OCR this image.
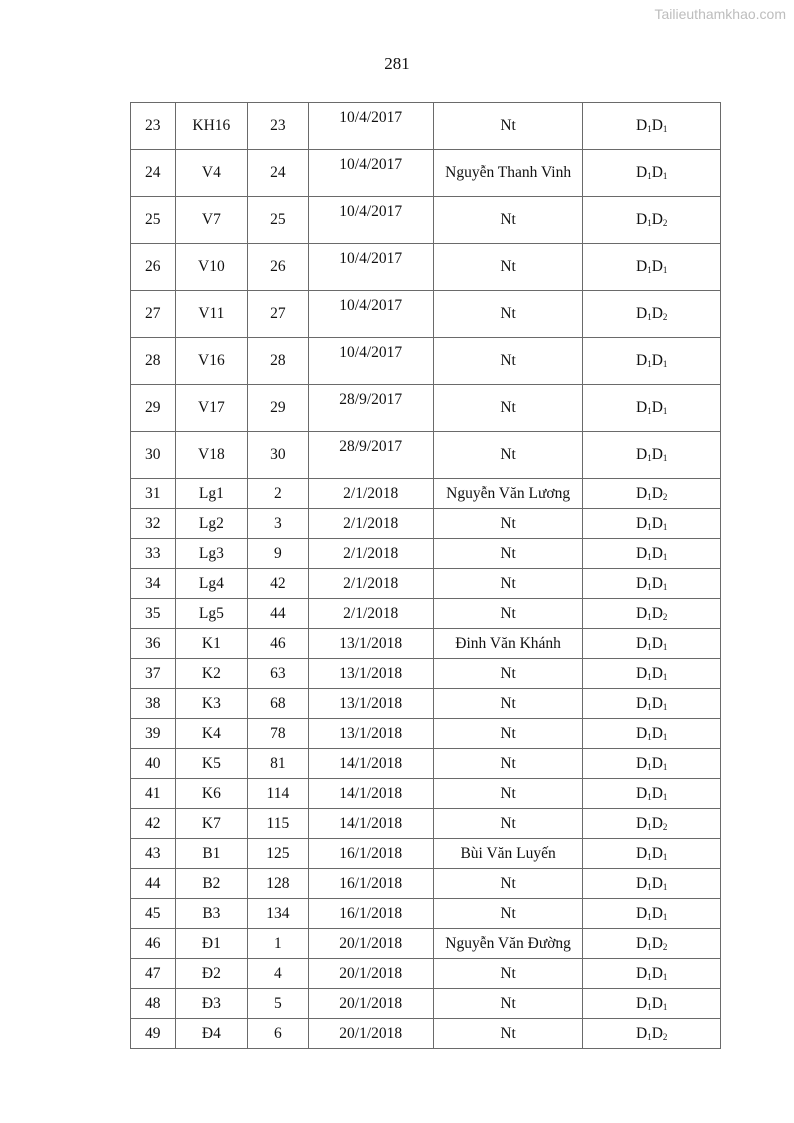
Tailieuthamkhao.com
281
23	KH16	23	10/4/2017	Nt	$D_1D_1$
24	V4	24	10/4/2017	Nguyễn Thanh Vinh	$D_1D_1$
25	V7	25	10/4/2017	Nt	$D_1D_2$
26	V10	26	10/4/2017	Nt	$D_1D_1$
27	V11	27	10/4/2017	Nt	$D_1D_2$
28	V16	28	10/4/2017	Nt	$D_1D_1$
29	V17	29	28/9/2017	Nt	$D_1D_1$
30	V18	30	28/9/2017	Nt	$D_1D_1$
31	Lg1	2	2/1/2018	Nguyễn Văn Lương	$D_1D_2$
32	Lg2	3	2/1/2018	Nt	$D_1D_1$
33	Lg3	9	2/1/2018	Nt	$D_1D_1$
34	Lg4	42	2/1/2018	Nt	$D_1D_1$
35	Lg5	44	2/1/2018	Nt	$D_1D_2$
36	K1	46	13/1/2018	Đinh Văn Khánh	$D_1D_1$
37	K2	63	13/1/2018	Nt	$D_1D_1$
38	K3	68	13/1/2018	Nt	$D_1D_1$
39	K4	78	13/1/2018	Nt	$D_1D_1$
40	K5	81	14/1/2018	Nt	$D_1D_1$
41	K6	114	14/1/2018	Nt	$D_1D_1$
42	K7	115	14/1/2018	Nt	$D_1D_2$
43	B1	125	16/1/2018	Bùi Văn Luyến	$D_1D_1$
44	B2	128	16/1/2018	Nt	$D_1D_1$
45	B3	134	16/1/2018	Nt	$D_1D_1$
46	Đ1	1	20/1/2018	Nguyễn Văn Đường	$D_1D_2$
47	Đ2	4	20/1/2018	Nt	$D_1D_1$
48	Đ3	5	20/1/2018	Nt	$D_1D_1$
49	Đ4	6	20/1/2018	Nt	$D_1D_2$
